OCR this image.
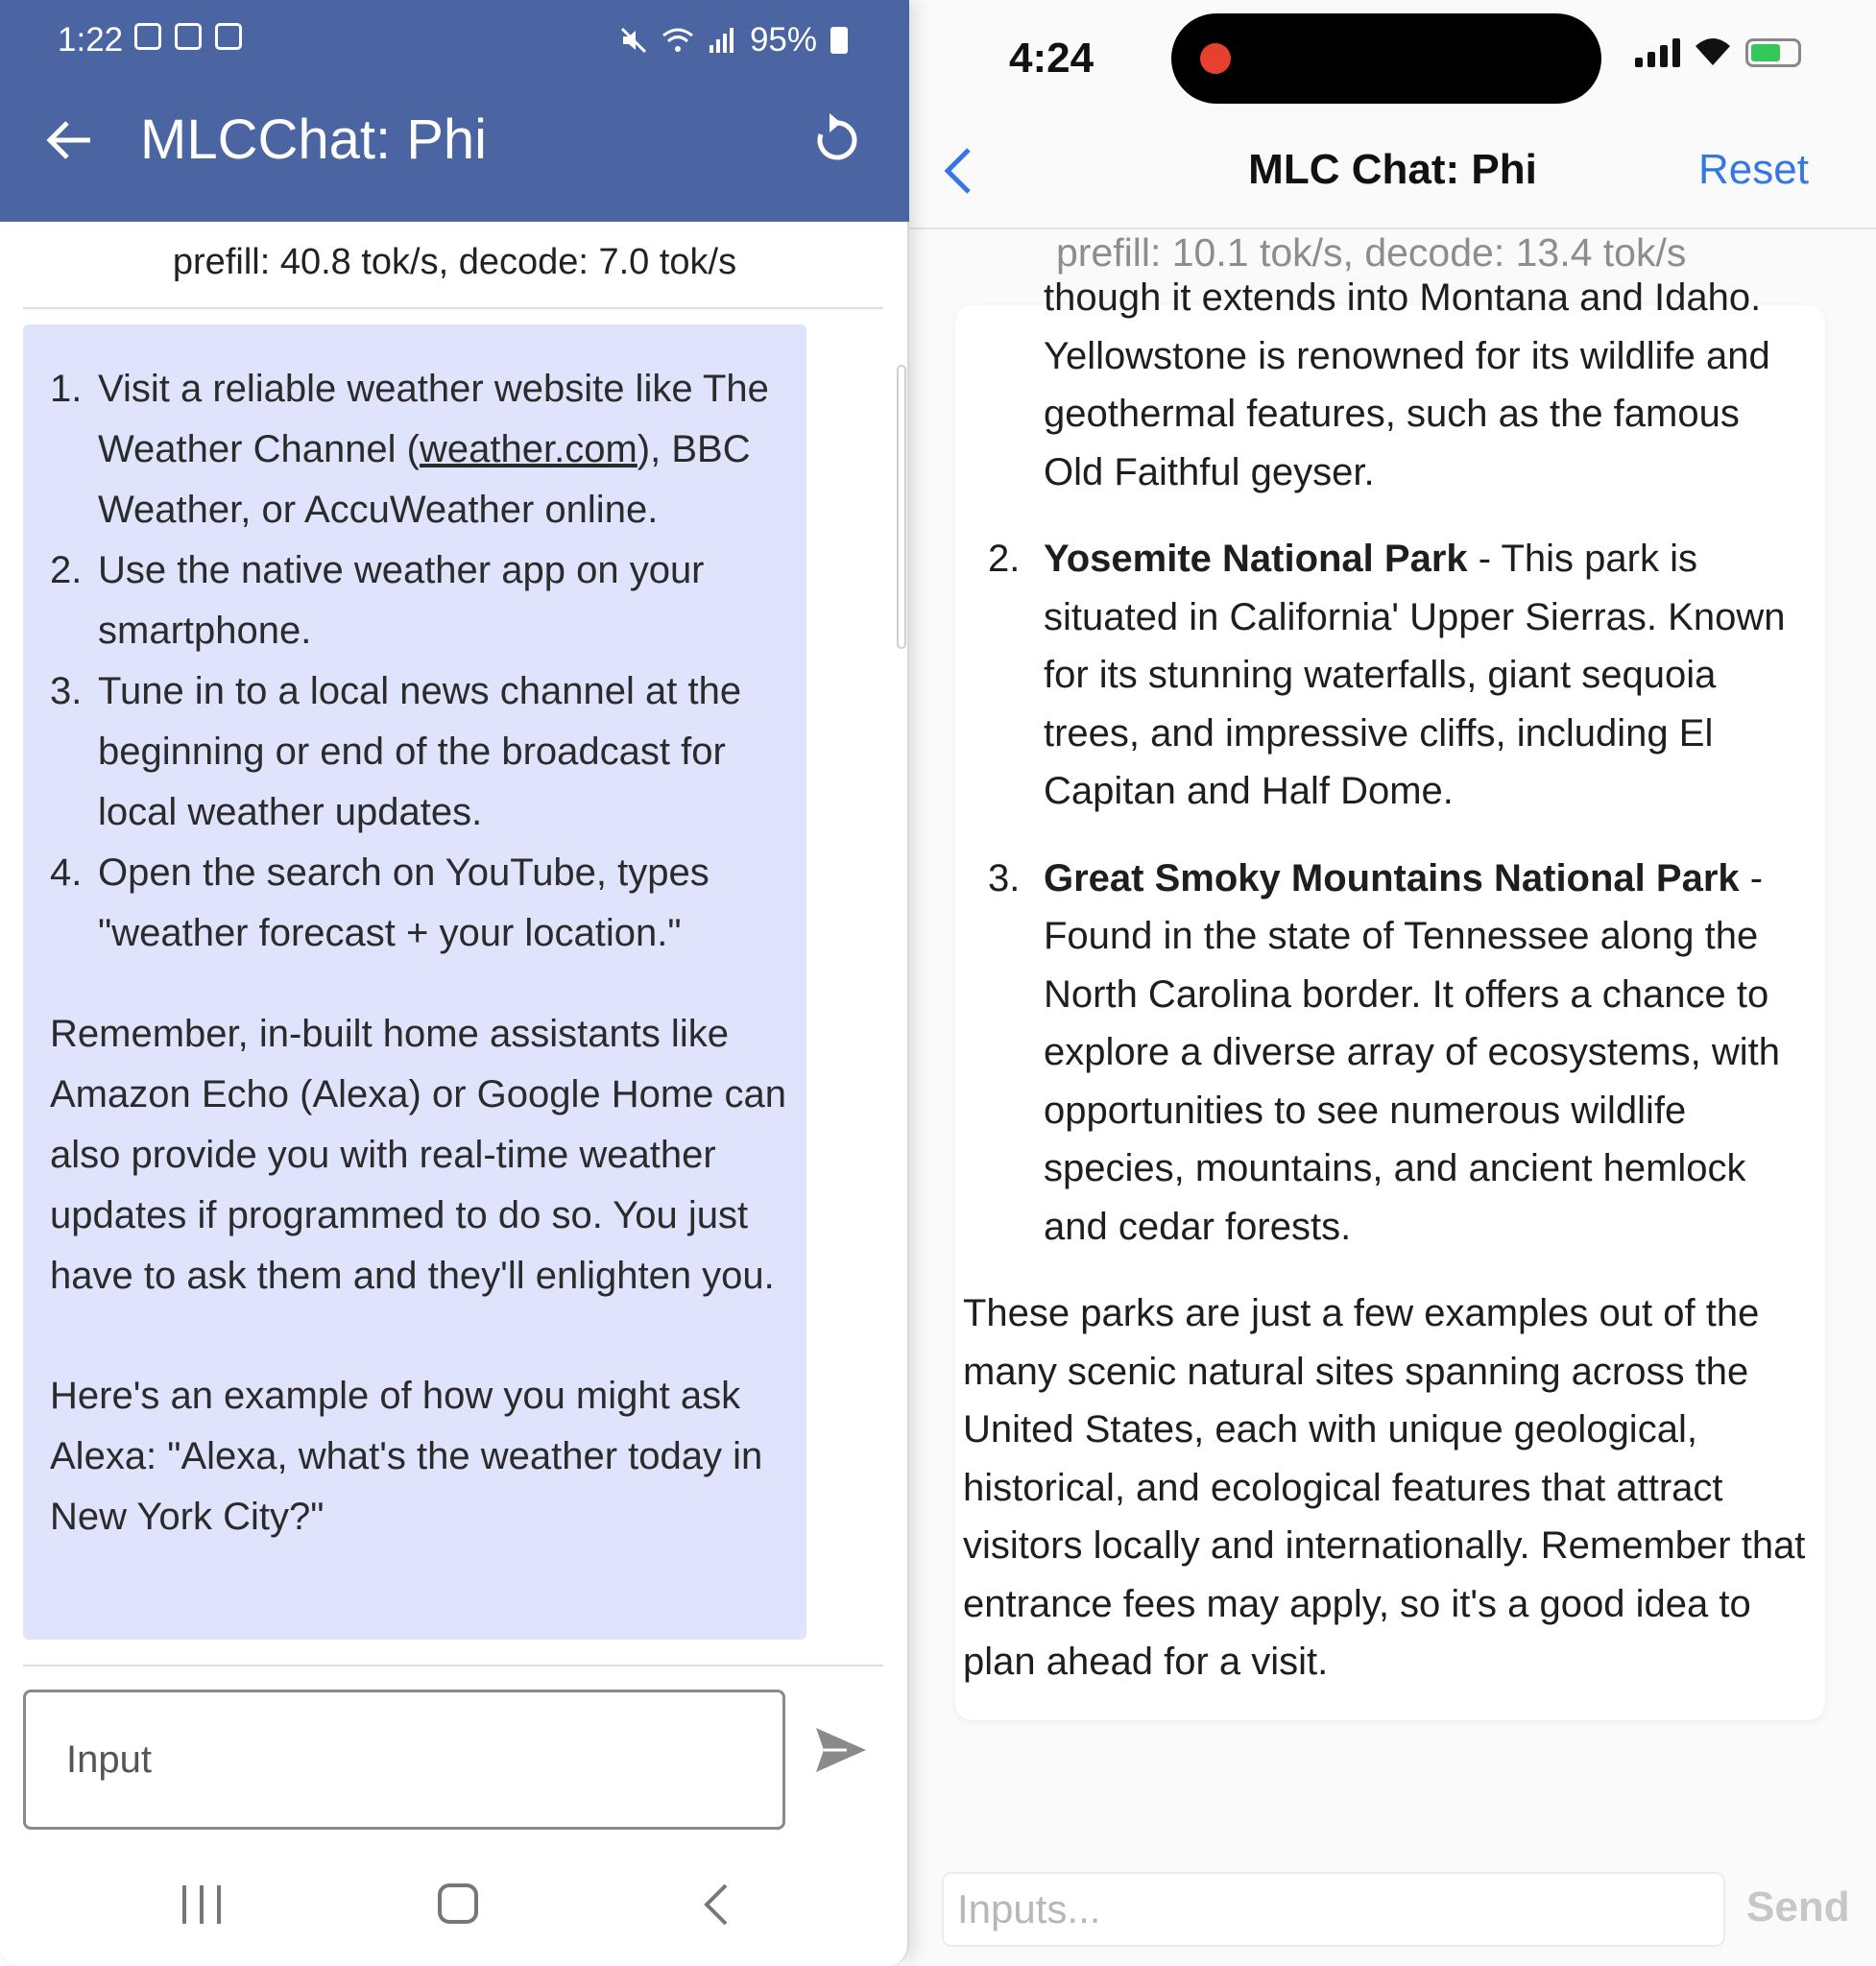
1:22	95%
MLCChat: Phi
prefill: 40.8 tok/s, decode: 7.0 tok/s
1. Visit a reliable weather website like The Weather Channel (weather.com), BBC Weather, or AccuWeather online.
2. Use the native weather app on your smartphone.
3. Tune in to a local news channel at the beginning or end of the broadcast for local weather updates.
4. Open the search on YouTube, types "weather forecast + your location."

Remember, in-built home assistants like Amazon Echo (Alexa) or Google Home can also provide you with real-time weather updates if programmed to do so. You just have to ask them and they'll enlighten you.

Here's an example of how you might ask Alexa: "Alexa, what's the weather today in New York City?"

Input
4:24
MLC Chat: Phi	Reset
prefill: 10.1 tok/s, decode: 13.4 tok/s
though it extends into Montana and Idaho. Yellowstone is renowned for its wildlife and geothermal features, such as the famous Old Faithful geyser.
2. Yosemite National Park - This park is situated in California' Upper Sierras. Known for its stunning waterfalls, giant sequoia trees, and impressive cliffs, including El Capitan and Half Dome.
3. Great Smoky Mountains National Park - Found in the state of Tennessee along the North Carolina border. It offers a chance to explore a diverse array of ecosystems, with opportunities to see numerous wildlife species, mountains, and ancient hemlock and cedar forests.

These parks are just a few examples out of the many scenic natural sites spanning across the United States, each with unique geological, historical, and ecological features that attract visitors locally and internationally. Remember that entrance fees may apply, so it's a good idea to plan ahead for a visit.

Inputs...	Send
